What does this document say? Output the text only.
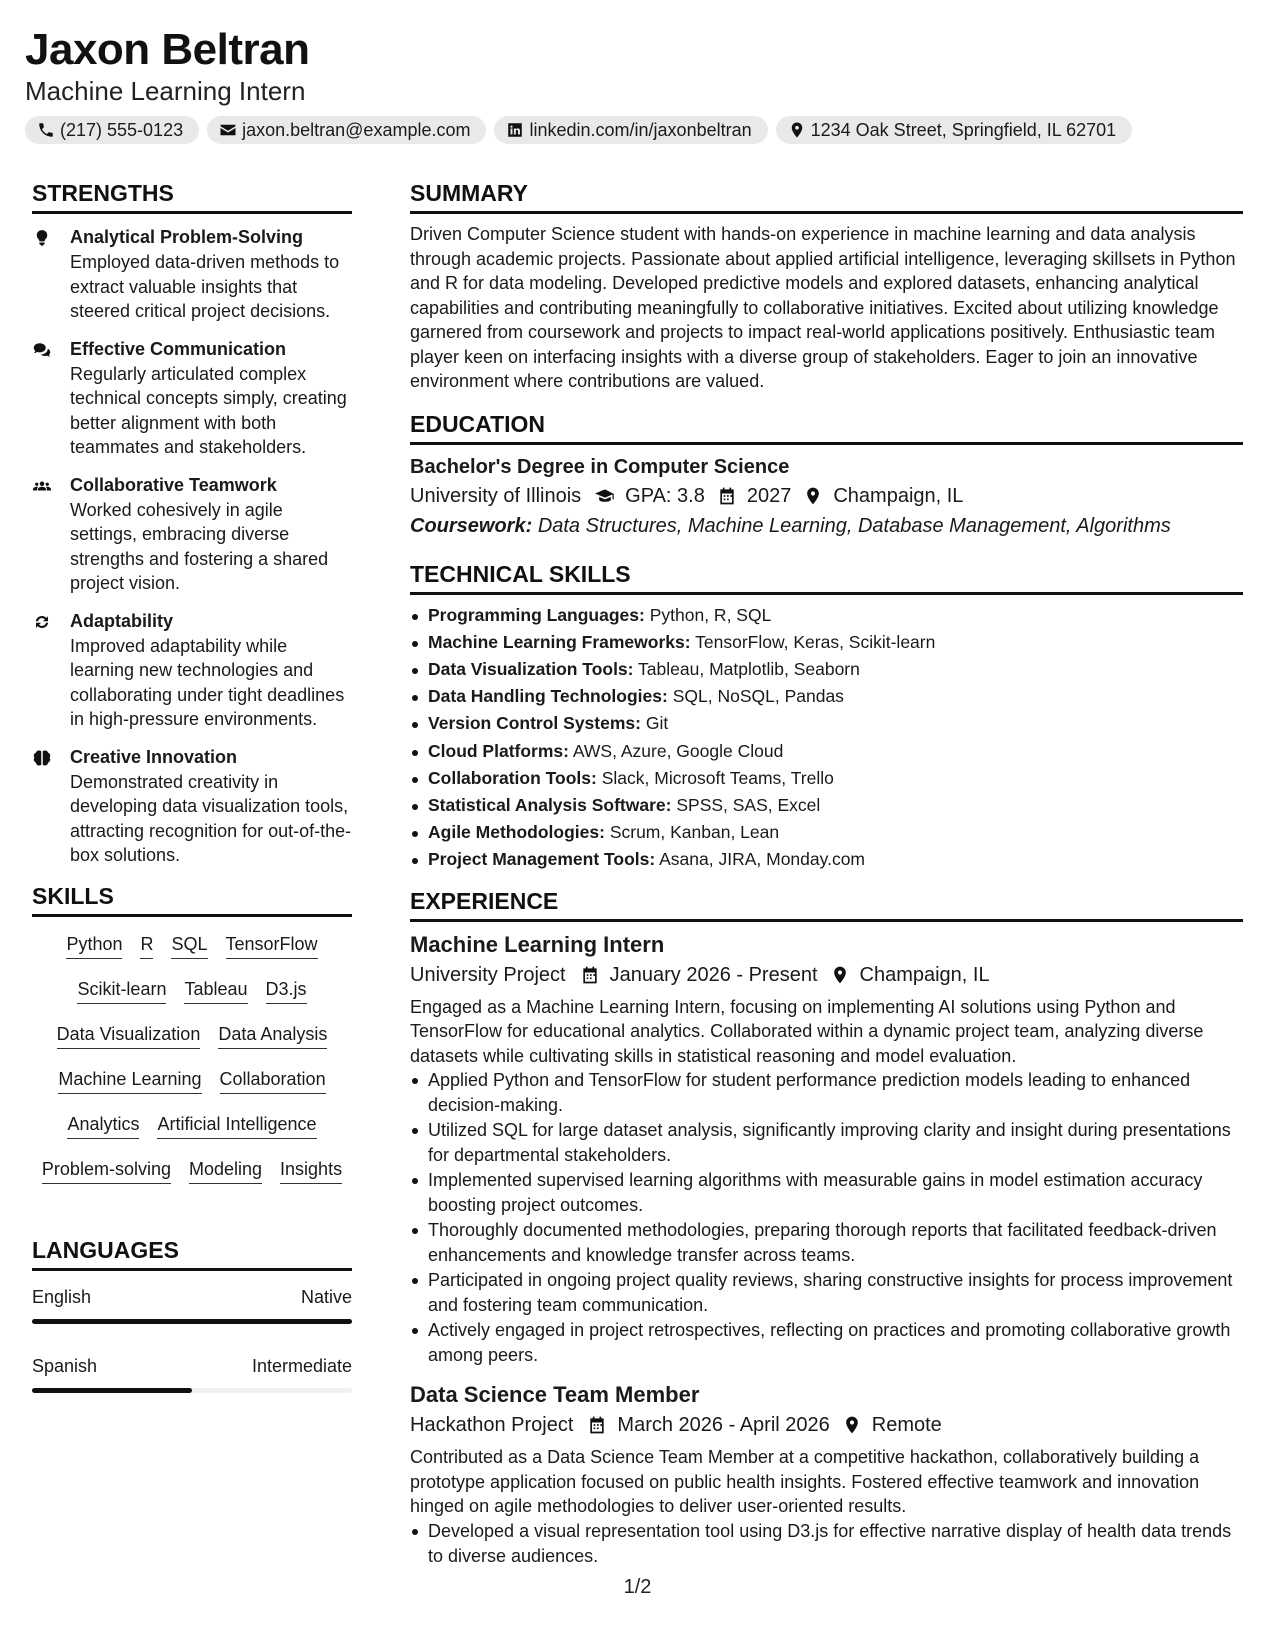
Jaxon Beltran
Machine Learning Intern
(217) 555-0123	jaxon.beltran@example.com	linkedin.com/in/jaxonbeltran	1234 Oak Street, Springfield, IL 62701
STRENGTHS
Analytical Problem-Solving
Employed data-driven methods to extract valuable insights that steered critical project decisions.
Effective Communication
Regularly articulated complex technical concepts simply, creating better alignment with both teammates and stakeholders.
Collaborative Teamwork
Worked cohesively in agile settings, embracing diverse strengths and fostering a shared project vision.
Adaptability
Improved adaptability while learning new technologies and collaborating under tight deadlines in high-pressure environments.
Creative Innovation
Demonstrated creativity in developing data visualization tools, attracting recognition for out-of-the-box solutions.
SKILLS
Python R SQL TensorFlow
Scikit-learn Tableau D3.js
Data Visualization Data Analysis
Machine Learning Collaboration
Analytics Artificial Intelligence
Problem-solving Modeling Insights
LANGUAGES
English	Native
Spanish	Intermediate
SUMMARY
Driven Computer Science student with hands-on experience in machine learning and data analysis through academic projects. Passionate about applied artificial intelligence, leveraging skillsets in Python and R for data modeling. Developed predictive models and explored datasets, enhancing analytical capabilities and contributing meaningfully to collaborative initiatives. Excited about utilizing knowledge garnered from coursework and projects to impact real-world applications positively. Enthusiastic team player keen on interfacing insights with a diverse group of stakeholders. Eager to join an innovative environment where contributions are valued.
EDUCATION
Bachelor's Degree in Computer Science
University of Illinois GPA: 3.8 2027 Champaign, IL
Coursework: Data Structures, Machine Learning, Database Management, Algorithms
TECHNICAL SKILLS
Programming Languages: Python, R, SQL
Machine Learning Frameworks: TensorFlow, Keras, Scikit-learn
Data Visualization Tools: Tableau, Matplotlib, Seaborn
Data Handling Technologies: SQL, NoSQL, Pandas
Version Control Systems: Git
Cloud Platforms: AWS, Azure, Google Cloud
Collaboration Tools: Slack, Microsoft Teams, Trello
Statistical Analysis Software: SPSS, SAS, Excel
Agile Methodologies: Scrum, Kanban, Lean
Project Management Tools: Asana, JIRA, Monday.com
EXPERIENCE
Machine Learning Intern
University Project January 2026 - Present Champaign, IL
Engaged as a Machine Learning Intern, focusing on implementing AI solutions using Python and TensorFlow for educational analytics. Collaborated within a dynamic project team, analyzing diverse datasets while cultivating skills in statistical reasoning and model evaluation.
Applied Python and TensorFlow for student performance prediction models leading to enhanced decision-making.
Utilized SQL for large dataset analysis, significantly improving clarity and insight during presentations for departmental stakeholders.
Implemented supervised learning algorithms with measurable gains in model estimation accuracy boosting project outcomes.
Thoroughly documented methodologies, preparing thorough reports that facilitated feedback-driven enhancements and knowledge transfer across teams.
Participated in ongoing project quality reviews, sharing constructive insights for process improvement and fostering team communication.
Actively engaged in project retrospectives, reflecting on practices and promoting collaborative growth among peers.
Data Science Team Member
Hackathon Project March 2026 - April 2026 Remote
Contributed as a Data Science Team Member at a competitive hackathon, collaboratively building a prototype application focused on public health insights. Fostered effective teamwork and innovation hinged on agile methodologies to deliver user-oriented results.
Developed a visual representation tool using D3.js for effective narrative display of health data trends to diverse audiences.
1/2
